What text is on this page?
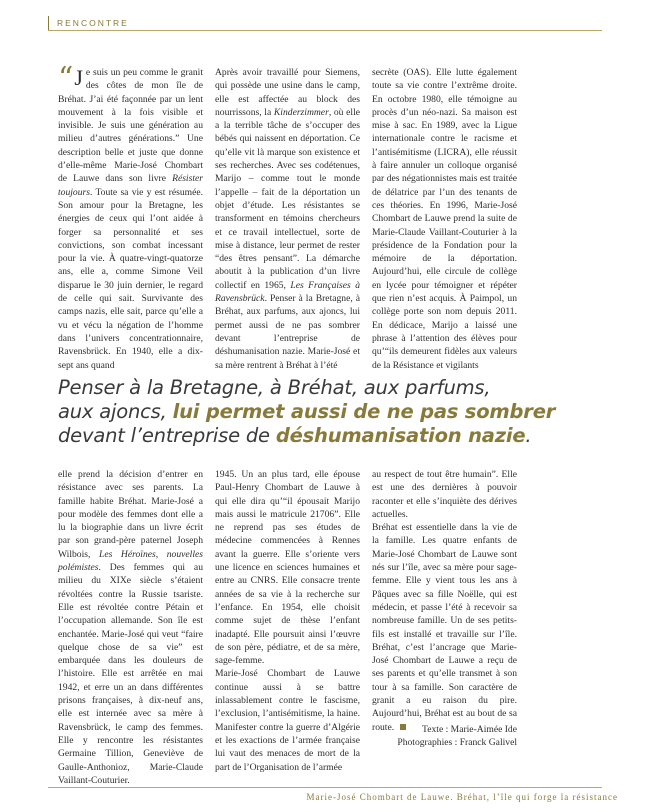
RENCONTRE

“ J e suis un peu comme le granit des côtes de mon île de Bréhat. J’ai été façonnée par un lent mouvement à la fois visible et invisible. Je suis une génération au milieu d’autres générations.” Une description belle et juste que donne d’elle-même Marie-José Chombart de Lauwe dans son livre Résister toujours. Toute sa vie y est résumée. Son amour pour la Bretagne, les énergies de ceux qui l’ont aidée à forger sa personnalité et ses convictions, son combat incessant pour la vie. À quatre-vingt-quatorze ans, elle a, comme Simone Veil disparue le 30 juin dernier, le regard de celle qui sait. Survivante des camps nazis, elle sait, parce qu’elle a vu et vécu la négation de l’homme dans l’univers concentrationnaire, Ravensbrück. En 1940, elle a dix-sept ans quand

Après avoir travaillé pour Siemens, qui possède une usine dans le camp, elle est affectée au block des nourrissons, la Kinderzimmer, où elle a la terrible tâche de s’occuper des bébés qui naissent en déportation. Ce qu’elle vit là marque son existence et ses recherches. Avec ses codétenues, Marijo – comme tout le monde l’appelle – fait de la déportation un objet d’étude. Les résistantes se transforment en témoins chercheurs et ce travail intellectuel, sorte de mise à distance, leur permet de rester “des êtres pensant”. La démarche aboutit à la publication d’un livre collectif en 1965, Les Françaises à Ravensbrück. Penser à la Bretagne, à Bréhat, aux parfums, aux ajoncs, lui permet aussi de ne pas sombrer devant l’entreprise de déshumanisation nazie. Marie-José et sa mère rentrent à Bréhat à l’été

secrète (OAS). Elle lutte également toute sa vie contre l’extrême droite. En octobre 1980, elle témoigne au procès d’un néo-nazi. Sa maison est mise à sac. En 1989, avec la Ligue internationale contre le racisme et l’antisémitisme (LICRA), elle réussit à faire annuler un colloque organisé par des négationnistes mais est traitée de délatrice par l’un des tenants de ces théories. En 1996, Marie-José Chombart de Lauwe prend la suite de Marie-Claude Vaillant-Couturier à la présidence de la Fondation pour la mémoire de la déportation. Aujourd’hui, elle circule de collège en lycée pour témoigner et répéter que rien n’est acquis. À Paimpol, un collège porte son nom depuis 2011. En dédicace, Marijo a laissé une phrase à l’attention des élèves pour qu’“ils demeurent fidèles aux valeurs de la Résistance et vigilants

Penser à la Bretagne, à Bréhat, aux parfums,
aux ajoncs, lui permet aussi de ne pas sombrer
devant l’entreprise de déshumanisation nazie.

elle prend la décision d’entrer en résistance avec ses parents. La famille habite Bréhat. Marie-José a pour modèle des femmes dont elle a lu la biographie dans un livre écrit par son grand-père paternel Joseph Wilbois, Les Héroïnes, nouvelles polémistes. Des femmes qui au milieu du XIXe siècle s’étaient révoltées contre la Russie tsariste. Elle est révoltée contre Pétain et l’occupation allemande. Son île est enchantée. Marie-José qui veut “faire quelque chose de sa vie” est embarquée dans les douleurs de l’histoire. Elle est arrêtée en mai 1942, et erre un an dans différentes prisons françaises, à dix-neuf ans, elle est internée avec sa mère à Ravensbrück, le camp des femmes. Elle y rencontre les résistantes Germaine Tillion, Geneviève de Gaulle-Anthonioz, Marie-Claude Vaillant-Couturier.

1945. Un an plus tard, elle épouse Paul-Henry Chombart de Lauwe à qui elle dira qu’“il épousait Marijo mais aussi le matricule 21706”. Elle ne reprend pas ses études de médecine commencées à Rennes avant la guerre. Elle s’oriente vers une licence en sciences humaines et entre au CNRS. Elle consacre trente années de sa vie à la recherche sur l’enfance. En 1954, elle choisit comme sujet de thèse l’enfant inadapté. Elle poursuit ainsi l’œuvre de son père, pédiatre, et de sa mère, sage-femme.

Marie-José Chombart de Lauwe continue aussi à se battre inlassablement contre le fascisme, l’exclusion, l’antisémitisme, la haine. Manifester contre la guerre d’Algérie et les exactions de l’armée française lui vaut des menaces de mort de la part de l’Organisation de l’armée

au respect de tout être humain”. Elle est une des dernières à pouvoir raconter et elle s’inquiète des dérives actuelles.

Bréhat est essentielle dans la vie de la famille. Les quatre enfants de Marie-José Chombart de Lauwe sont nés sur l’île, avec sa mère pour sage-femme. Elle y vient tous les ans à Pâques avec sa fille Noëlle, qui est médecin, et passe l’été à recevoir sa nombreuse famille. Un de ses petits-fils est installé et travaille sur l’île. Bréhat, c’est l’ancrage que Marie-José Chombart de Lauwe a reçu de ses parents et qu’elle transmet à son tour à sa famille. Son caractère de granit a eu raison du pire. Aujourd’hui, Bréhat est au bout de sa route.	Texte : Marie-Aimée Ide
Photographies : Franck Galivel
Marie-José Chombart de Lauwe. Bréhat, l’île qui forge la résistance
